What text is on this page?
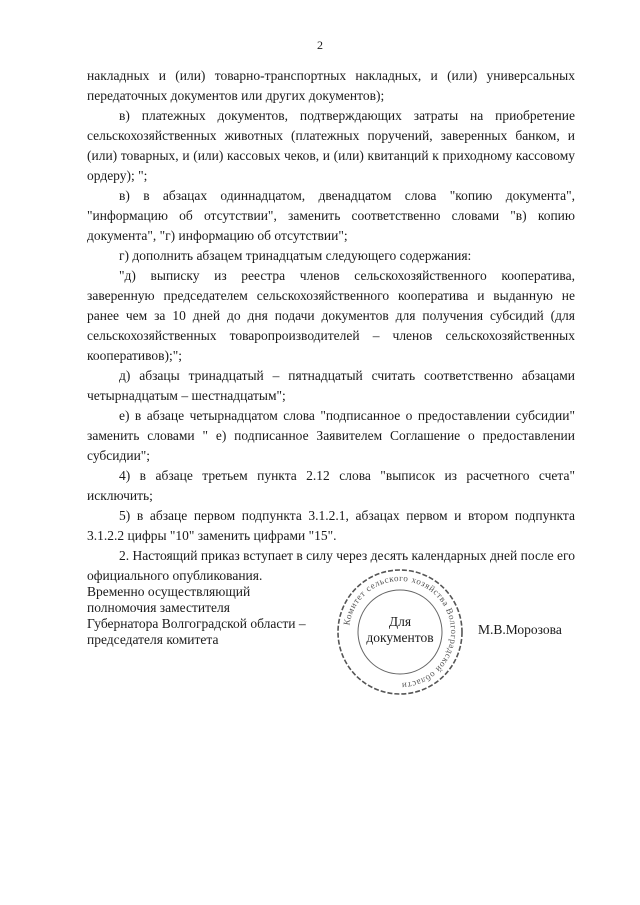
2

накладных и (или) товарно-транспортных накладных, и (или) универсальных передаточных документов или других документов);

в) платежных документов, подтверждающих затраты на приобретение сельскохозяйственных животных (платежных поручений, заверенных банком, и (или) товарных, и (или) кассовых чеков, и (или) квитанций к приходному кассовому ордеру); ";

в) в абзацах одиннадцатом, двенадцатом слова "копию документа", "информацию об отсутствии", заменить соответственно словами "в) копию документа", "г) информацию об отсутствии";

г) дополнить абзацем тринадцатым следующего содержания:

"д) выписку из реестра членов сельскохозяйственного кооператива, заверенную председателем сельскохозяйственного кооператива и выданную не ранее чем за 10 дней до дня подачи документов для получения субсидий (для сельскохозяйственных товаропроизводителей – членов сельскохозяйственных кооперативов);";

д) абзацы тринадцатый – пятнадцатый считать соответственно абзацами четырнадцатым – шестнадцатым";

е) в абзаце четырнадцатом слова "подписанное о предоставлении субсидии" заменить словами " е) подписанное Заявителем Соглашение о предоставлении субсидии";

4) в абзаце третьем пункта 2.12 слова "выписок из расчетного счета" исключить;

5) в абзаце первом подпункта 3.1.2.1, абзацах первом и втором подпункта 3.1.2.2 цифры "10" заменить цифрами "15".

2. Настоящий приказ вступает в силу через десять календарных дней после его официального опубликования.

Временно осуществляющий
полномочия заместителя
Губернатора Волгоградской области –
председателя комитета
Комитет сельского хозяйства Волгоградской области
Для
документов
М.В.Морозова
